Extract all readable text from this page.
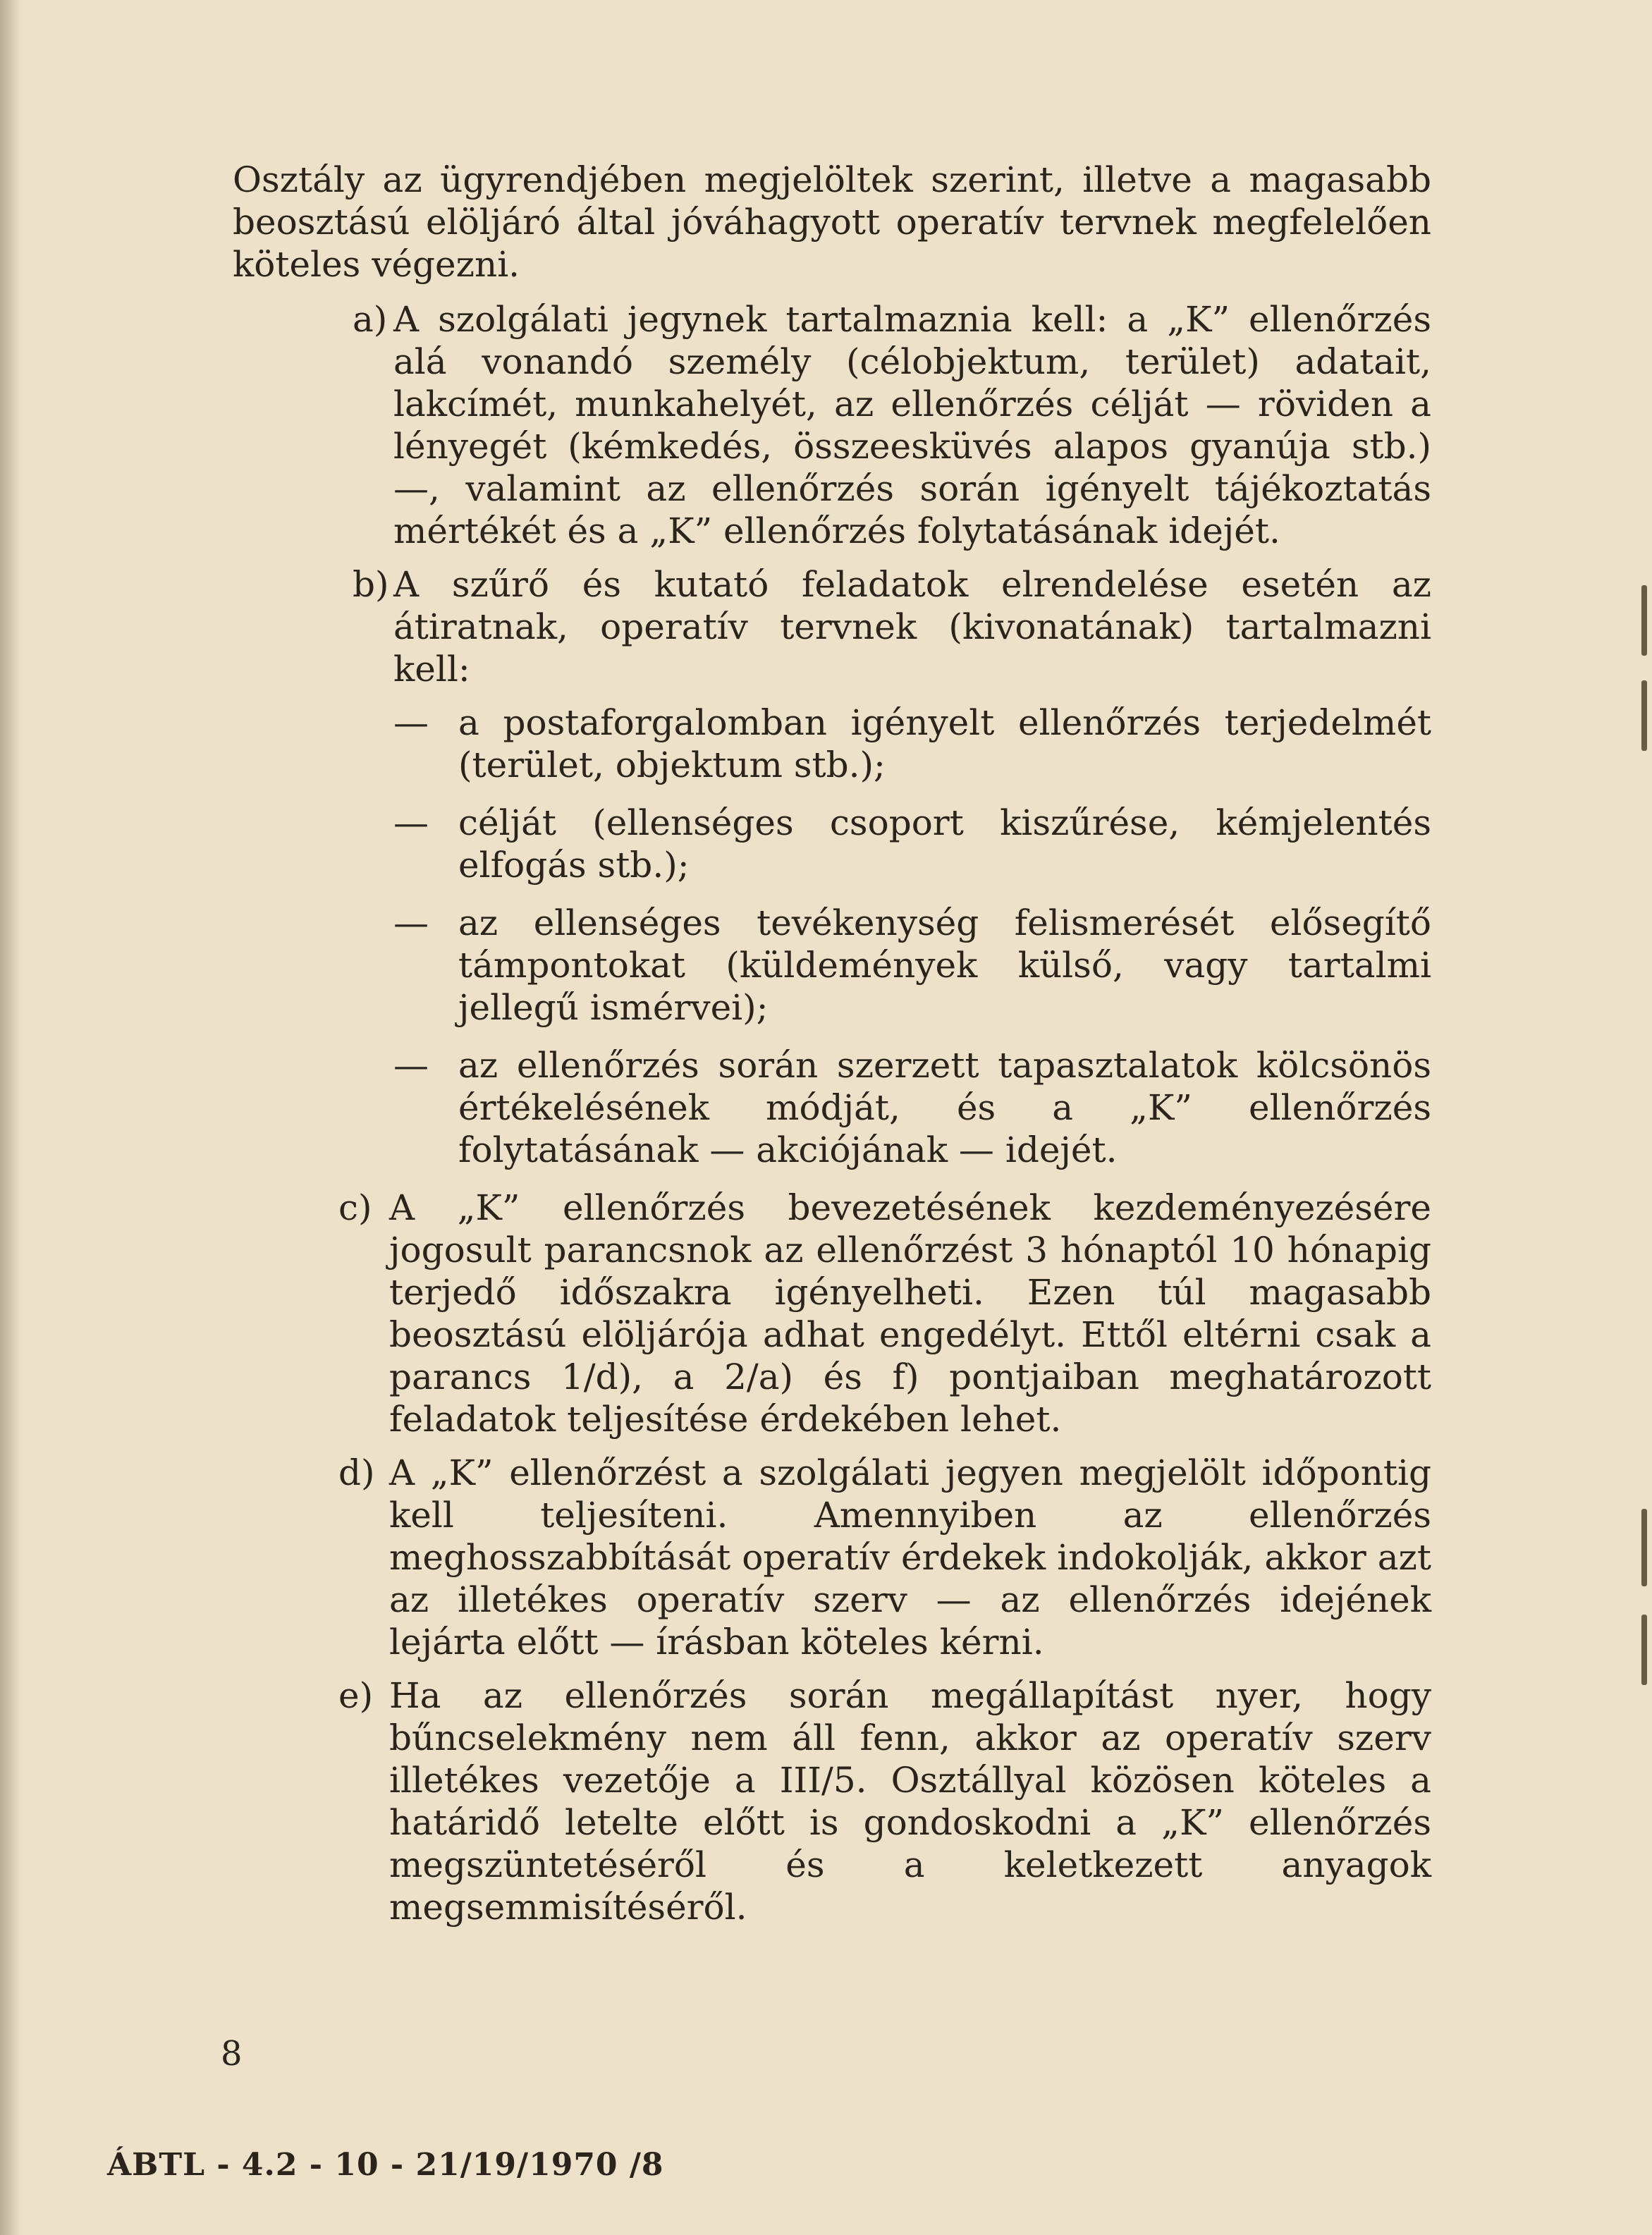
Osztály az ügyrendjében megjelöltek szerint, illetve a magasabb beosztású elöljáró által jóváhagyott operatív tervnek megfelelően köteles végezni.

a) A szolgálati jegynek tartalmaznia kell: a „K” ellenőrzés alá vonandó személy (célobjektum, terület) adatait, lakcímét, munkahelyét, az ellenőrzés célját — röviden a lényegét (kémkedés, összeesküvés alapos gyanúja stb.) —, valamint az ellenőrzés során igényelt tájékoztatás mértékét és a „K” ellenőrzés folytatásának idejét.
b) A szűrő és kutató feladatok elrendelése esetén az átiratnak, operatív tervnek (kivonatának) tartalmazni kell:
— a postaforgalomban igényelt ellenőrzés terjedelmét (terület, objektum stb.);
— célját (ellenséges csoport kiszűrése, kémjelentés elfogás stb.);
— az ellenséges tevékenység felismerését elősegítő támpontokat (küldemények külső, vagy tartalmi jellegű ismérvei);
— az ellenőrzés során szerzett tapasztalatok kölcsönös értékelésének módját, és a „K” ellenőrzés folytatásának — akciójának — idejét.
c) A „K” ellenőrzés bevezetésének kezdeményezésére jogosult parancsnok az ellenőrzést 3 hónaptól 10 hónapig terjedő időszakra igényelheti. Ezen túl magasabb beosztású elöljárója adhat engedélyt. Ettől eltérni csak a parancs 1/d), a 2/a) és f) pontjaiban meghatározott feladatok teljesítése érdekében lehet.
d) A „K” ellenőrzést a szolgálati jegyen megjelölt időpontig kell teljesíteni. Amennyiben az ellenőrzés meghosszabbítását operatív érdekek indokolják, akkor azt az illetékes operatív szerv — az ellenőrzés idejének lejárta előtt — írásban köteles kérni.
e) Ha az ellenőrzés során megállapítást nyer, hogy bűncselekmény nem áll fenn, akkor az operatív szerv illetékes vezetője a III/5. Osztállyal közösen köteles a határidő letelte előtt is gondoskodni a „K” ellenőrzés megszüntetéséről és a keletkezett anyagok megsemmisítéséről.
8
ÁBTL - 4.2 - 10 - 21/19/1970 /8
